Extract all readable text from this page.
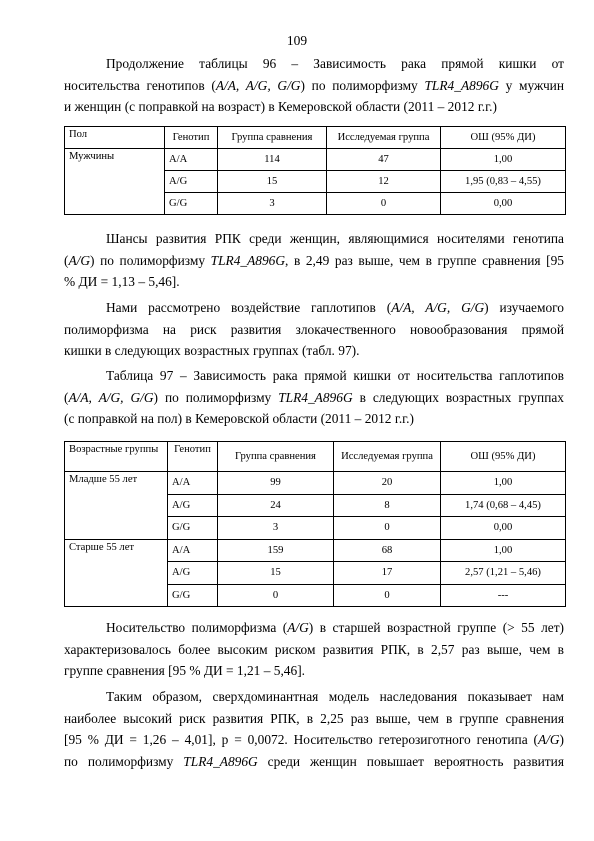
109
Продолжение таблицы 96 – Зависимость рака прямой кишки от
носительства генотипов (A/A, A/G, G/G) по полиморфизму TLR4_A896G у мужчин
и женщин (с поправкой на возраст) в Кемеровской области (2011 – 2012 г.г.)
Пол	Генотип	Группа сравнения	Исследуемая группа	ОШ (95% ДИ)
Мужчины	A/A	114	47	1,00
	A/G	15	12	1,95 (0,83 – 4,55)
	G/G	3	0	0,00
Шансы развития РПК среди женщин, являющимися носителями генотипа
(A/G) по полиморфизму TLR4_A896G, в 2,49 раз выше, чем в группе сравнения [95
% ДИ = 1,13 – 5,46].
Нами рассмотрено воздействие гаплотипов (A/A, A/G, G/G) изучаемого
полиморфизма на риск развития злокачественного новообразования прямой
кишки в следующих возрастных группах (табл. 97).
Таблица 97 – Зависимость рака прямой кишки от носительства гаплотипов
(A/A, A/G, G/G) по полиморфизму TLR4_A896G в следующих возрастных группах
(с поправкой на пол) в Кемеровской области (2011 – 2012 г.г.)
Возрастные группы	Генотип	Группа сравнения	Исследуемая группа	ОШ (95% ДИ)
Младше 55 лет	A/A	99	20	1,00
	A/G	24	8	1,74 (0,68 – 4,45)
	G/G	3	0	0,00
Старше 55 лет	A/A	159	68	1,00
	A/G	15	17	2,57 (1,21 – 5,46)
	G/G	0	0	---
Носительство полиморфизма (A/G) в старшей возрастной группе (> 55 лет)
характеризовалось более высоким риском развития РПК, в 2,57 раз выше, чем в
группе сравнения [95 % ДИ = 1,21 – 5,46].
Таким образом, сверхдоминантная модель наследования показывает нам
наиболее высокий риск развития РПК, в 2,25 раз выше, чем в группе сравнения
[95 % ДИ = 1,26 – 4,01], р = 0,0072. Носительство гетерозиготного генотипа (A/G)
по полиморфизму TLR4_A896G среди женщин повышает вероятность развития
